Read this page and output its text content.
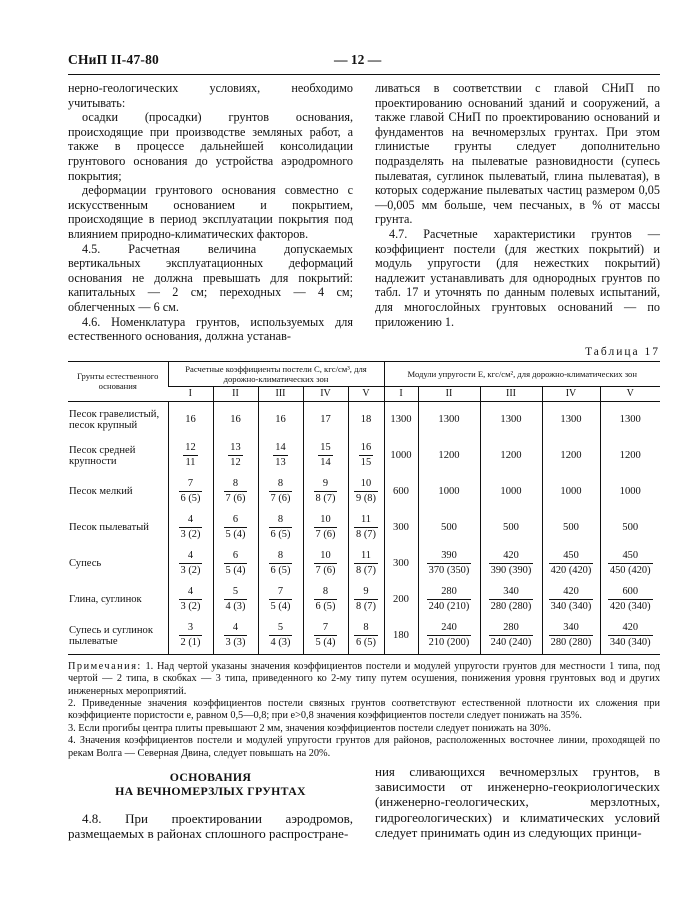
СНиП II-47-80	— 12 —

нерно-геологических условиях, необходимо учитывать:

осадки (просадки) грунтов основания, происходящие при производстве земляных работ, а также в процессе дальнейшей консолидации грунтового основания до устройства аэродромного покрытия;

деформации грунтового основания совместно с искусственным основанием и покрытием, происходящие в период эксплуатации покрытия под влиянием природно-климатических факторов.

4.5. Расчетная величина допускаемых вертикальных эксплуатационных деформаций основания не должна превышать для покрытий: капитальных — 2 см; переходных — 4 см; облегченных — 6 см.

4.6. Номенклатура грунтов, используемых для естественного основания, должна устанав-

ливаться в соответствии с главой СНиП по проектированию оснований зданий и сооружений, а также главой СНиП по проектированию оснований и фундаментов на вечномерзлых грунтах. При этом глинистые грунты следует дополнительно подразделять на пылеватые разновидности (супесь пылеватая, суглинок пылеватый, глина пылеватая), в которых содержание пылеватых частиц размером 0,05—0,005 мм больше, чем песчаных, в % от массы грунта.

4.7. Расчетные характеристики грунтов — коэффициент постели (для жестких покрытий) и модуль упругости (для нежестких покрытий) надлежит устанавливать для однородных грунтов по табл. 17 и уточнять по данным полевых испытаний, для многослойных грунтовых оснований — по приложению 1.

Таблица 17
Грунты естественного основания	Расчетные коэффициенты постели С, кгс/см³, для дорожно-климатических зон					Модули упругости Е, кгс/см², для дорожно-климатических зон				
	I	II	III	IV	V	I	II	III	IV	V
Песок гравелистый, песок крупный	16	16	16	17	18	1300	1300	1300	1300	1300
Песок средней крупности	$\frac{12}{11}$	$\frac{13}{12}$	$\frac{14}{13}$	$\frac{15}{14}$	$\frac{16}{15}$	1000	1200	1200	1200	1200
Песок мелкий	$\frac{7}{6 (5)}$	$\frac{8}{7 (6)}$	$\frac{8}{7 (6)}$	$\frac{9}{8 (7)}$	$\frac{10}{9 (8)}$	600	1000	1000	1000	1000
Песок пылеватый	$\frac{4}{3 (2)}$	$\frac{6}{5 (4)}$	$\frac{8}{6 (5)}$	$\frac{10}{7 (6)}$	$\frac{11}{8 (7)}$	300	500	500	500	500
Супесь	$\frac{4}{3 (2)}$	$\frac{6}{5 (4)}$	$\frac{8}{6 (5)}$	$\frac{10}{7 (6)}$	$\frac{11}{8 (7)}$	300	$\frac{390}{370 (350)}$	$\frac{420}{390 (390)}$	$\frac{450}{420 (420)}$	$\frac{450}{450 (420)}$

Глина, суглинок	$\frac{4}{3 (2)}$	$\frac{5}{4 (3)}$	$\frac{7}{5 (4)}$	$\frac{8}{6 (5)}$	$\frac{9}{8 (7)}$	200	$\frac{280}{240 (210)}$	$\frac{340}{280 (280)}$	$\frac{420}{340 (340)}$	$\frac{600}{420 (340)}$

Супесь и суглинок пылеватые	$\frac{3}{2 (1)}$	$\frac{4}{3 (3)}$	$\frac{5}{4 (3)}$	$\frac{7}{5 (4)}$	$\frac{8}{6 (5)}$	180	$\frac{240}{210 (200)}$	$\frac{280}{240 (240)}$	$\frac{340}{280 (280)}$	$\frac{420}{340 (340)}$

Примечания: 1. Над чертой указаны значения коэффициентов постели и модулей упругости грунтов для местности 1 типа, под чертой — 2 типа, в скобках — 3 типа, приведенного ко 2-му типу путем осушения, понижения уровня грунтовых вод и других инженерных мероприятий.

2. Приведенные значения коэффициентов постели связных грунтов соответствуют естественной плотности их сложения при коэффициенте пористости е, равном 0,5—0,8; при е>0,8 значения коэффициентов постели следует понижать на 35%.

3. Если прогибы центра плиты превышают 2 мм, значения коэффициентов постели следует понижать на 30%.

4. Значения коэффициентов постели и модулей упругости грунтов для районов, расположенных восточнее линии, проходящей по рекам Волга — Северная Двина, следует повышать на 20%.

ОСНОВАНИЯ
НА ВЕЧНОМЕРЗЛЫХ ГРУНТАХ

4.8. При проектировании аэродромов, размещаемых в районах сплошного распростране-

ния сливающихся вечномерзлых грунтов, в зависимости от инженерно-геокриологических (инженерно-геологических, мерзлотных, гидрогеологических) и климатических условий следует принимать один из следующих принци-
